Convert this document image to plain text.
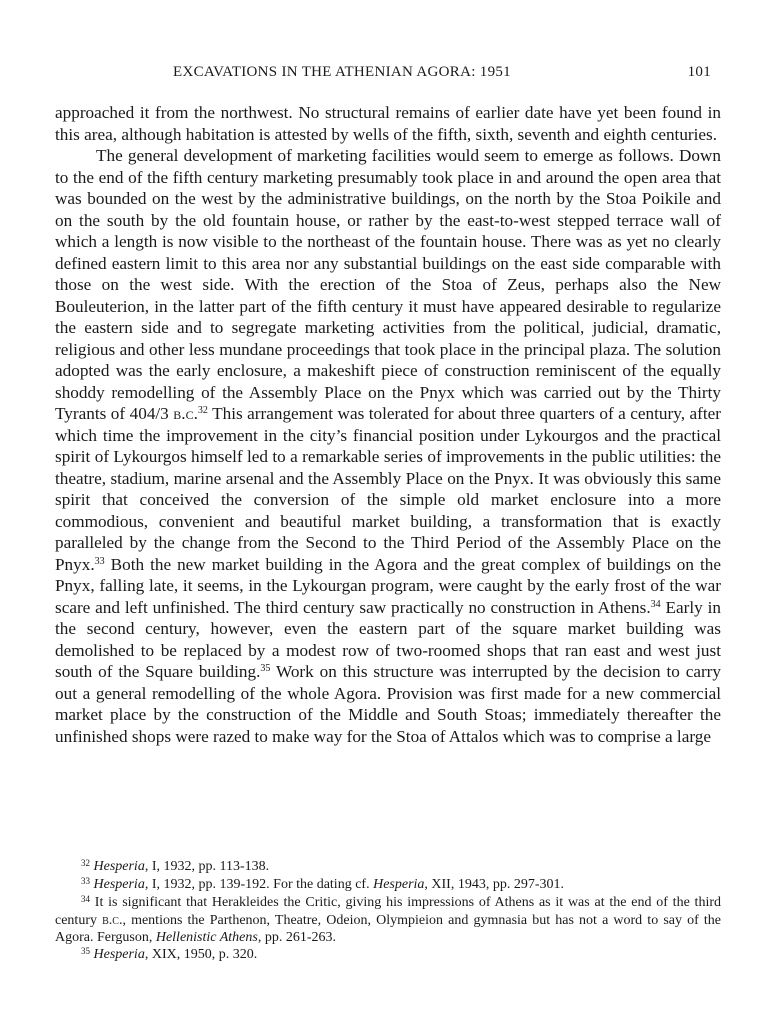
EXCAVATIONS IN THE ATHENIAN AGORA: 1951	101

approached it from the northwest. No structural remains of earlier date have yet been found in this area, although habitation is attested by wells of the fifth, sixth, seventh and eighth centuries.

The general development of marketing facilities would seem to emerge as follows. Down to the end of the fifth century marketing presumably took place in and around the open area that was bounded on the west by the administrative buildings, on the north by the Stoa Poikile and on the south by the old fountain house, or rather by the east-to-west stepped terrace wall of which a length is now visible to the northeast of the fountain house. There was as yet no clearly defined eastern limit to this area nor any substantial buildings on the east side comparable with those on the west side. With the erection of the Stoa of Zeus, perhaps also the New Bouleuterion, in the latter part of the fifth century it must have appeared desirable to regularize the eastern side and to segregate marketing activities from the political, judicial, dramatic, religious and other less mundane proceedings that took place in the principal plaza. The solution adopted was the early enclosure, a makeshift piece of construction reminiscent of the equally shoddy remodelling of the Assembly Place on the Pnyx which was carried out by the Thirty Tyrants of 404/3 b.c.$^{32}$ This arrangement was tolerated for about three quarters of a century, after which time the improvement in the city’s financial position under Lykourgos and the practical spirit of Lykourgos himself led to a remarkable series of improvements in the public utilities: the theatre, stadium, marine arsenal and the Assembly Place on the Pnyx. It was obviously this same spirit that conceived the conversion of the simple old market enclosure into a more commodious, convenient and beautiful market building, a transformation that is exactly paralleled by the change from the Second to the Third Period of the Assembly Place on the Pnyx.$^{33}$ Both the new market building in the Agora and the great complex of buildings on the Pnyx, falling late, it seems, in the Lykourgan program, were caught by the early frost of the war scare and left unfinished. The third century saw practically no construction in Athens.$^{34}$ Early in the second century, however, even the eastern part of the square market building was demolished to be replaced by a modest row of two-roomed shops that ran east and west just south of the Square building.$^{35}$ Work on this structure was interrupted by the decision to carry out a general remodelling of the whole Agora. Provision was first made for a new commercial market place by the construction of the Middle and South Stoas; immediately thereafter the unfinished shops were razed to make way for the Stoa of Attalos which was to comprise a large

$^{32}$ Hesperia, I, 1932, pp. 113-138.
$^{33}$ Hesperia, I, 1932, pp. 139-192. For the dating cf. Hesperia, XII, 1943, pp. 297-301.
$^{34}$ It is significant that Herakleides the Critic, giving his impressions of Athens as it was at the end of the third century b.c., mentions the Parthenon, Theatre, Odeion, Olympieion and gymnasia but has not a word to say of the Agora. Ferguson, Hellenistic Athens, pp. 261-263.
$^{35}$ Hesperia, XIX, 1950, p. 320.
